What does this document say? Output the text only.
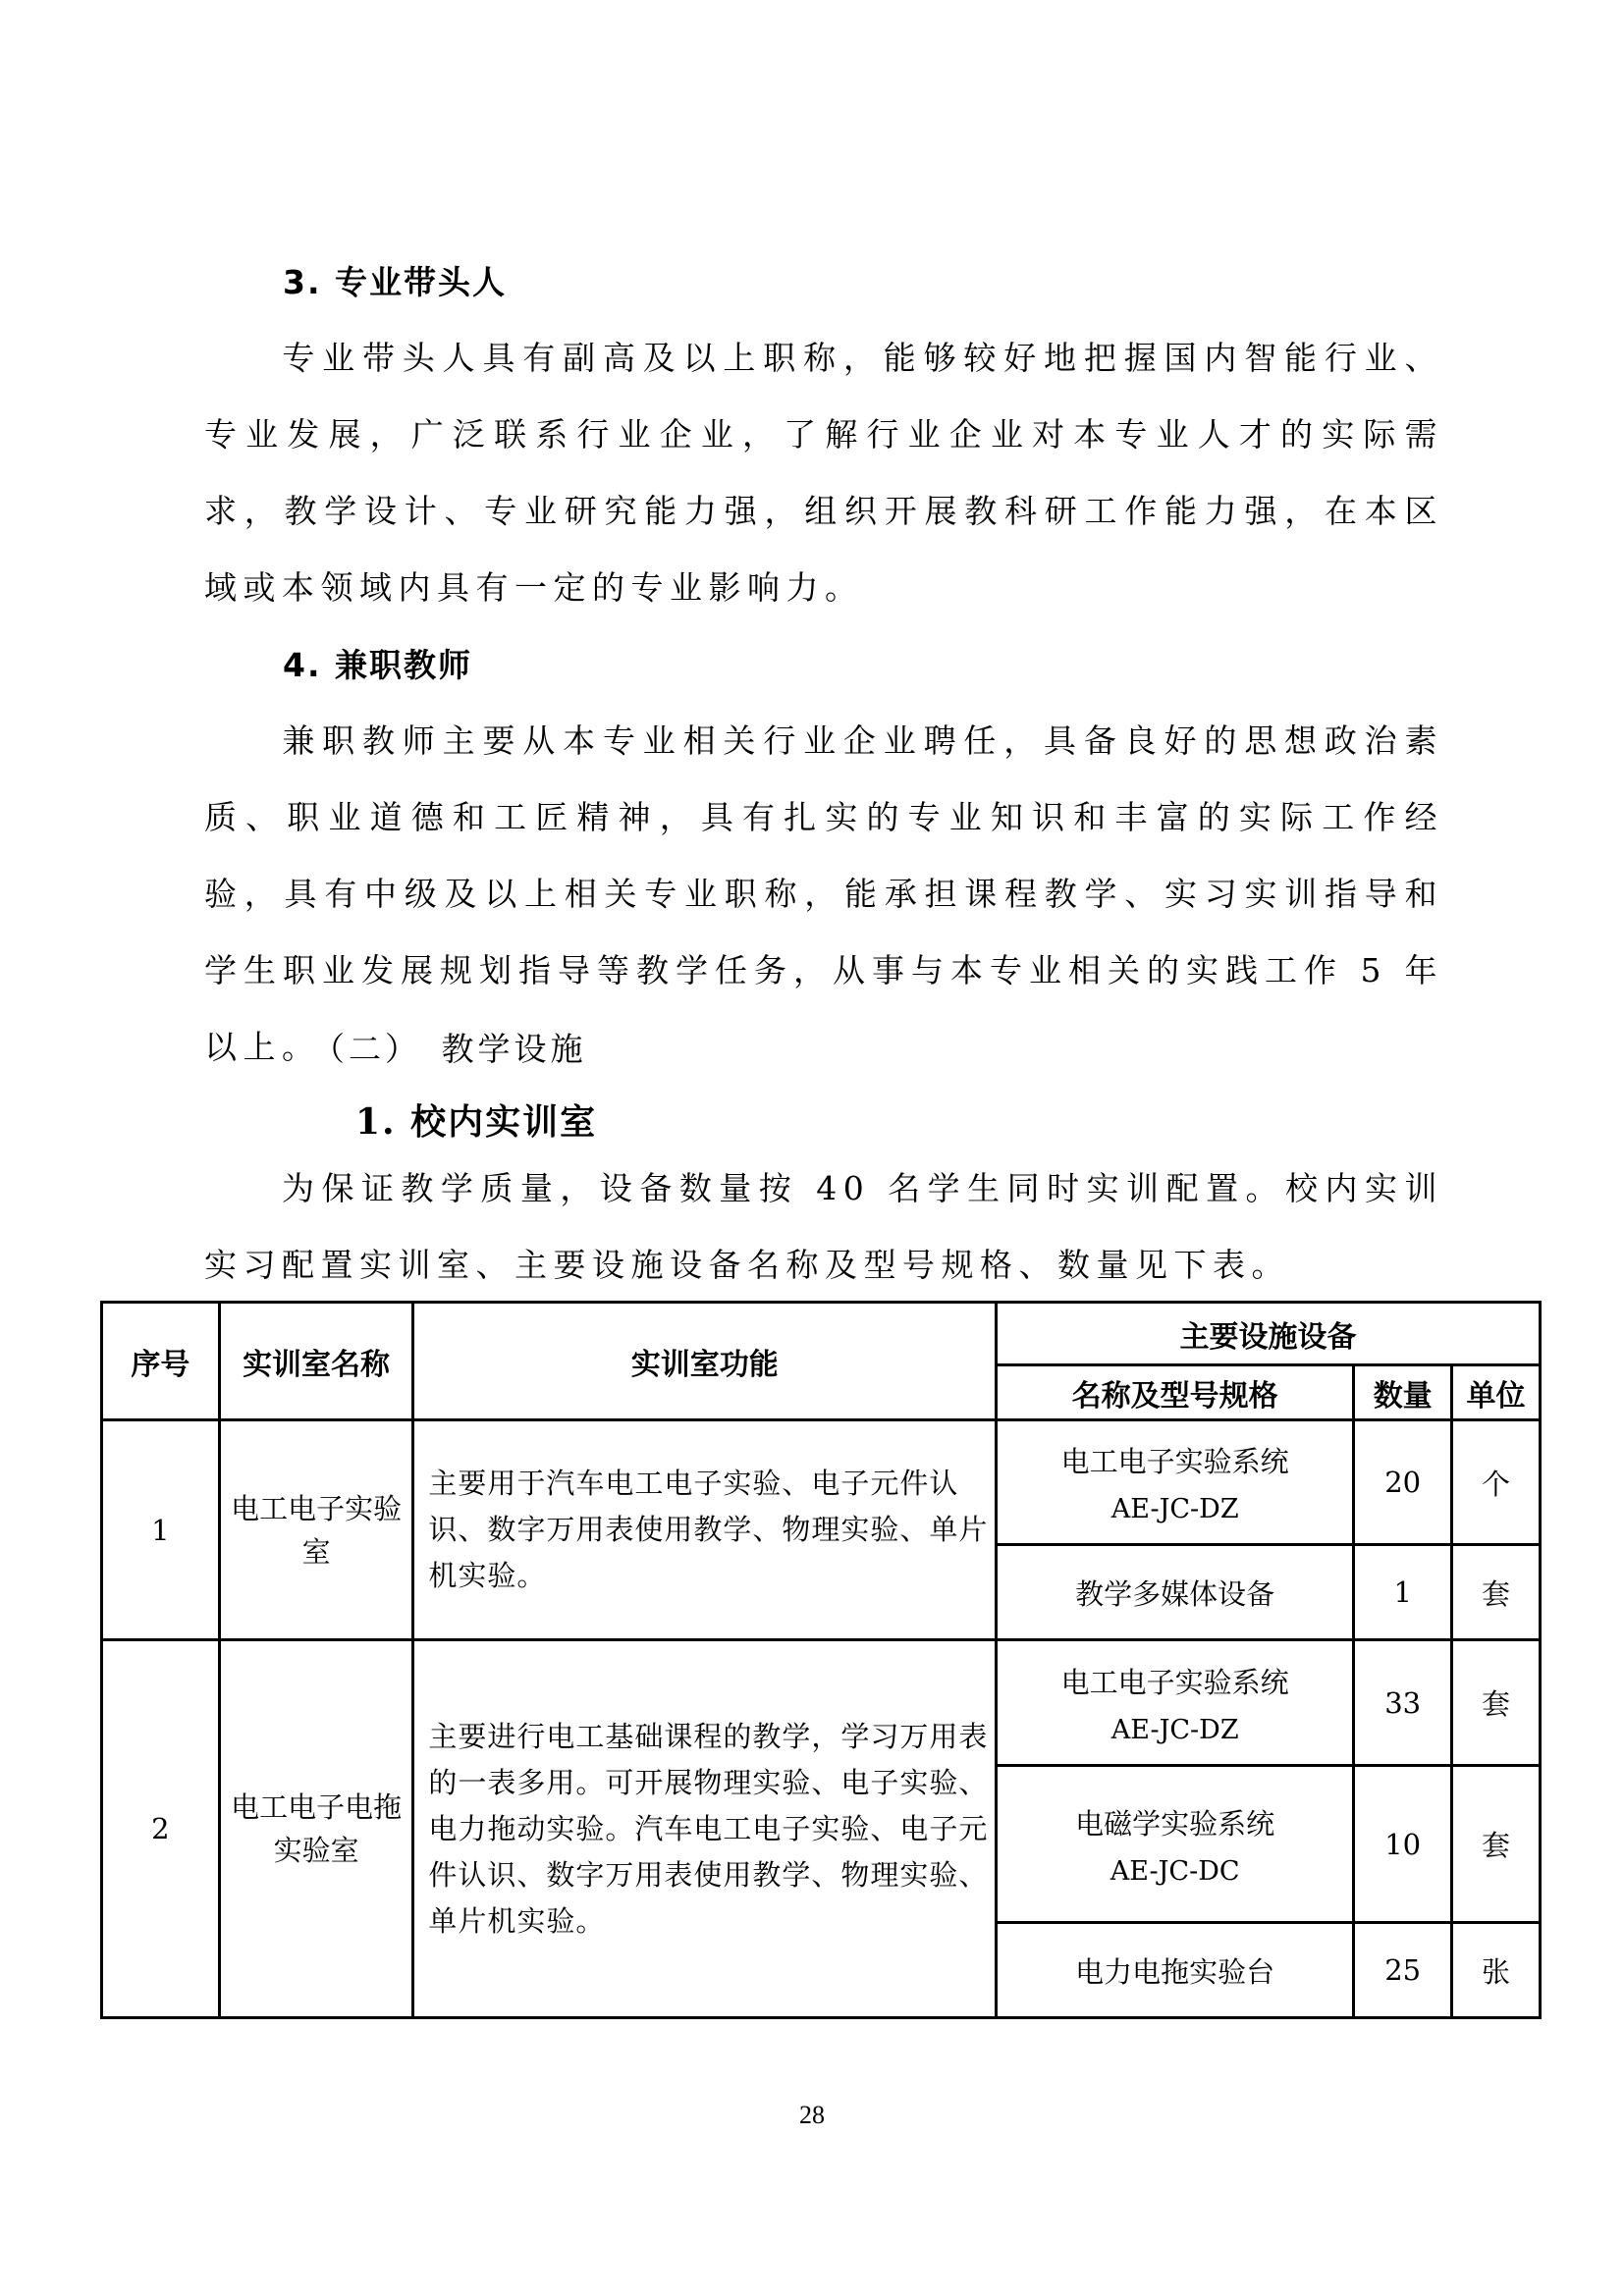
3. 专业带头人
专业带头人具有副高及以上职称，能够较好地把握国内智能行业、专业发展，广泛联系行业企业，了解行业企业对本专业人才的实际需求，教学设计、专业研究能力强，组织开展教科研工作能力强，在本区域或本领域内具有一定的专业影响力。
4. 兼职教师
兼职教师主要从本专业相关行业企业聘任，具备良好的思想政治素质、职业道德和工匠精神，具有扎实的专业知识和丰富的实际工作经验，具有中级及以上相关专业职称，能承担课程教学、实习实训指导和学生职业发展规划指导等教学任务，从事与本专业相关的实践工作 5 年以上。
（二）　教学设施
1. 校内实训室
为保证教学质量，设备数量按 40 名学生同时实训配置。校内实训实习配置实训室、主要设施设备名称及型号规格、数量见下表。
序号	实训室名称	实训室功能	主要设施设备		
			名称及型号规格	数量	单位
1	电工电子实验室	主要用于汽车电工电子实验、电子元件认识、数字万用表使用教学、物理实验、单片机实验。	电工电子实验系统
AE-JC-DZ	20	个
			教学多媒体设备	1	套
2	电工电子电拖实验室	主要进行电工基础课程的教学，学习万用表的一表多用。可开展物理实验、电子实验、电力拖动实验。汽车电工电子实验、电子元件认识、数字万用表使用教学、物理实验、单片机实验。	电工电子实验系统
AE-JC-DZ	33	套
			电磁学实验系统
AE-JC-DC	10	套
			电力电拖实验台	25	张
28
